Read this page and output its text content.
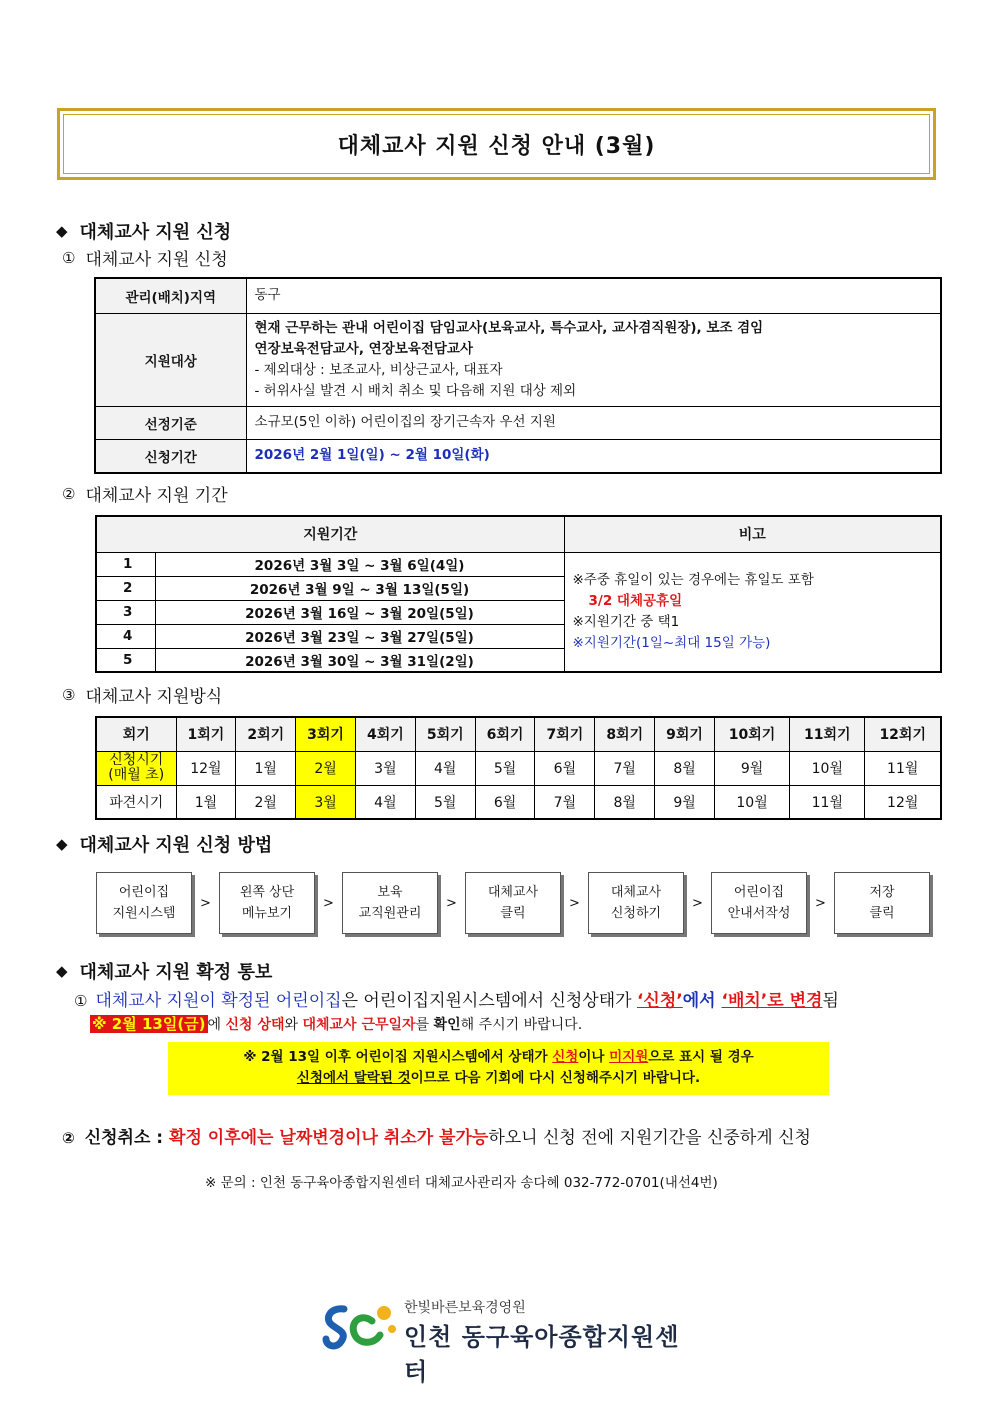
대체교사 지원 신청 안내 (3월)
◆ 대체교사 지원 신청
① 대체교사 지원 신청
관리(배치)지역	동구
지원대상	현재 근무하는 관내 어린이집 담임교사(보육교사, 특수교사, 교사겸직원장), 보조 겸임
연장보육전담교사, 연장보육전담교사
- 제외대상 : 보조교사, 비상근교사, 대표자
- 허위사실 발견 시 배치 취소 및 다음해 지원 대상 제외

선정기준	소규모(5인 이하) 어린이집의 장기근속자 우선 지원
신청기간	2026년 2월 1일(일) ~ 2월 10일(화)
② 대체교사 지원 기간
지원기간		비고
1	2026년 3월 3일 ~ 3월 6일(4일)	※주중 휴일이 있는 경우에는 휴일도 포함
3/2 대체공휴일
※지원기간 중 택1
※지원기간(1일~최대 15일 가능)

2	2026년 3월 9일 ~ 3월 13일(5일)	
3	2026년 3월 16일 ~ 3월 20일(5일)	
4	2026년 3월 23일 ~ 3월 27일(5일)	
5	2026년 3월 30일 ~ 3월 31일(2일)	
③ 대체교사 지원방식
회기	1회기	2회기	3회기	4회기	5회기	6회기	7회기	8회기	9회기	10회기	11회기	12회기

신청시기
(매월 초)	12월	1월	2월	3월	4월	5월	6월	7월	8월	9월	10월	11월
파견시기	1월	2월	3월	4월	5월	6월	7월	8월	9월	10월	11월	12월
◆ 대체교사 지원 신청 방법
어린이집
지원시스템
>
왼쪽 상단
메뉴보기
>
보육
교직원관리
>
대체교사
클릭
>
대체교사
신청하기
>
어린이집
안내서작성
>
저장
클릭
◆ 대체교사 지원 확정 통보
① 대체교사 지원이 확정된 어린이집은 어린이집지원시스템에서 신청상태가 ‘신청’에서 ‘배치’로 변경됨
※ 2월 13일(금) 에 신청 상태와 대체교사 근무일자를 확인해 주시기 바랍니다.
※ 2월 13일 이후 어린이집 지원시스템에서 상태가 신청이나 미지원으로 표시 될 경우
신청에서 탈락된 것이므로 다음 기회에 다시 신청해주시기 바랍니다.
② 신청취소 : 확정 이후에는 날짜변경이나 취소가 불가능하오니 신청 전에 지원기간을 신중하게 신청
※ 문의 : 인천 동구육아종합지원센터 대체교사관리자 송다혜 032-772-0701(내선4번)
한빛바른보육경영원
인천 동구육아종합지원센터
